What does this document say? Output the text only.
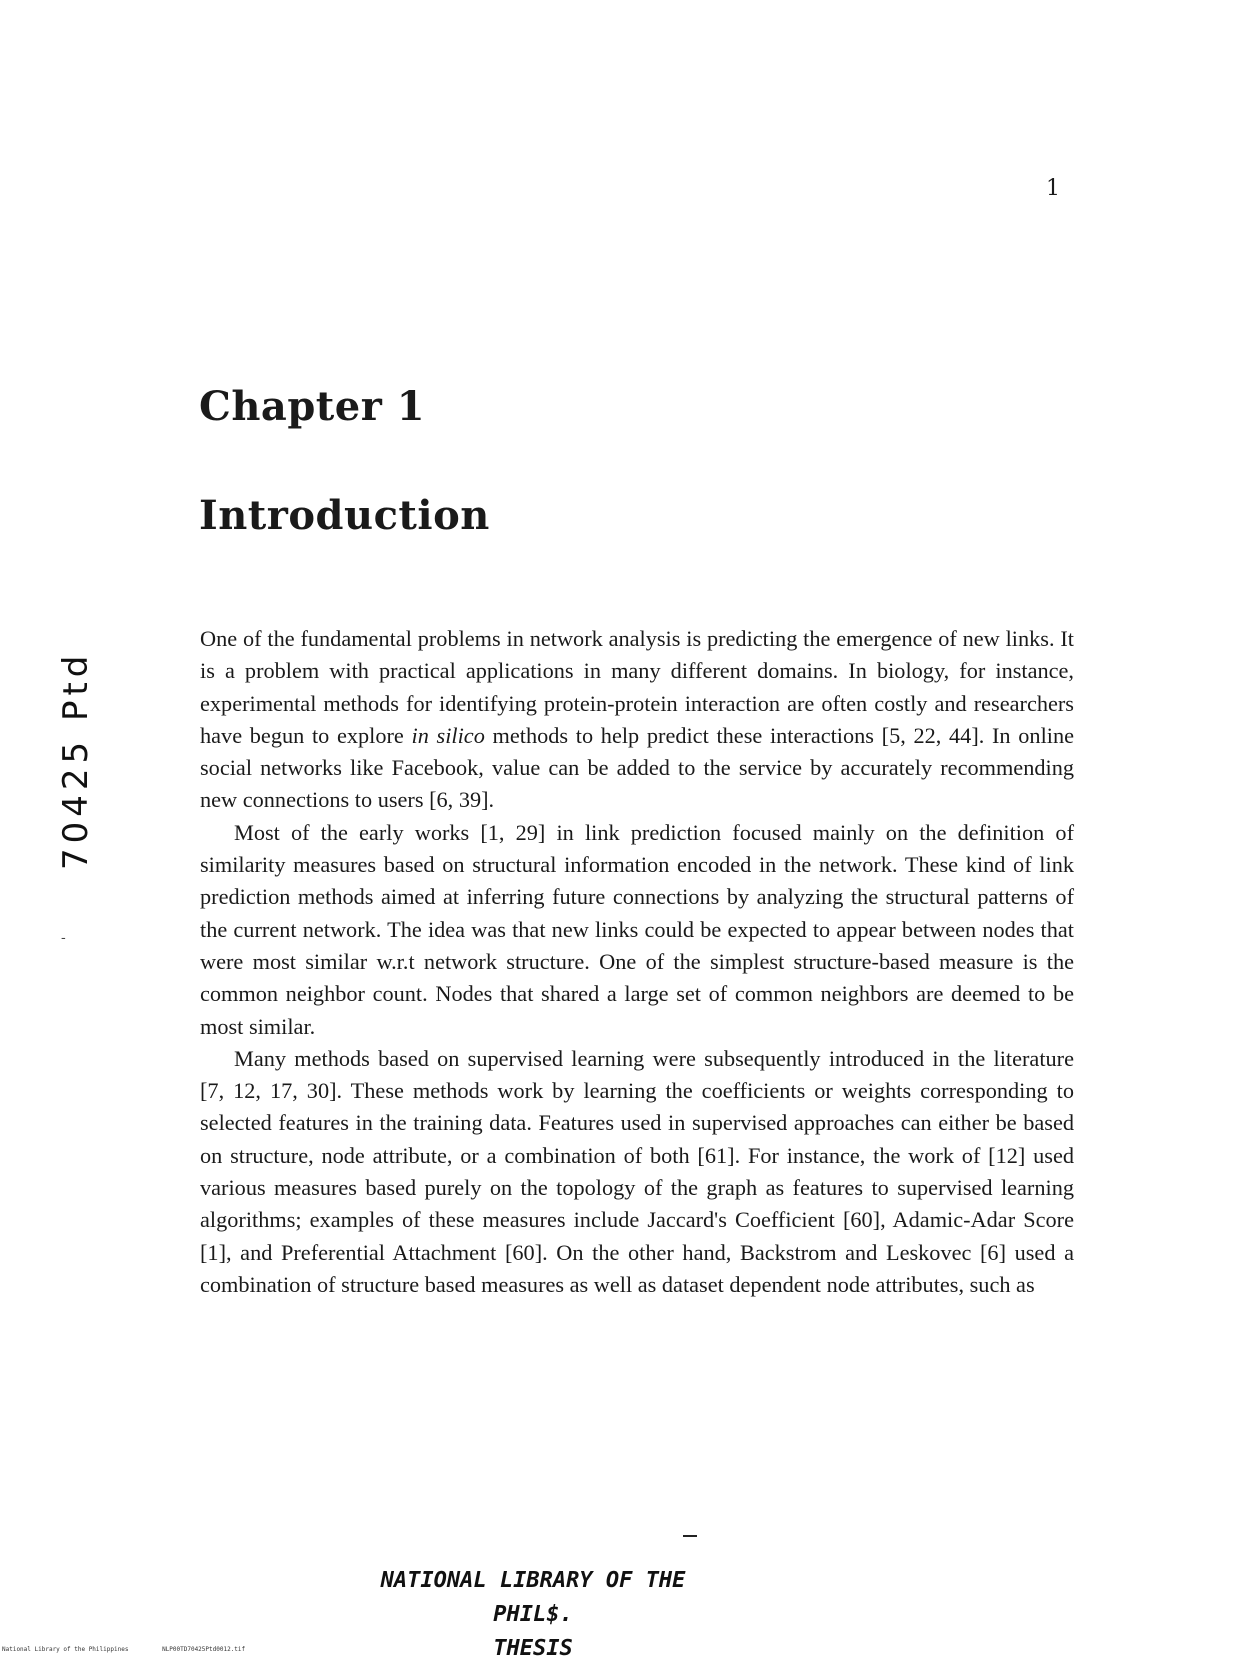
1
Chapter 1
Introduction

One of the fundamental problems in network analysis is predicting the emergence of new links. It is a problem with practical applications in many different domains. In biology, for instance, experimental methods for identifying protein-protein interaction are often costly and researchers have begun to explore in silico methods to help predict these interactions [5, 22, 44]. In online social networks like Facebook, value can be added to the service by accurately recommending new connections to users [6, 39].

Most of the early works [1, 29] in link prediction focused mainly on the definition of similarity measures based on structural information encoded in the network. These kind of link prediction methods aimed at inferring future connections by analyzing the structural patterns of the current network. The idea was that new links could be expected to appear between nodes that were most similar w.r.t network structure. One of the simplest structure-based measure is the common neighbor count. Nodes that shared a large set of common neighbors are deemed to be most similar.

Many methods based on supervised learning were subsequently introduced in the literature [7, 12, 17, 30]. These methods work by learning the coefficients or weights corresponding to selected features in the training data. Features used in supervised approaches can either be based on structure, node attribute, or a combination of both [61]. For instance, the work of [12] used various measures based purely on the topology of the graph as features to supervised learning algorithms; examples of these measures include Jaccard's Coefficient [60], Adamic-Adar Score [1], and Preferential Attachment [60]. On the other hand, Backstrom and Leskovec [6] used a combination of structure based measures as well as dataset dependent node attributes, such as

70425 Ptd
-
NATIONAL LIBRARY OF THE PHIL$.
THESIS
National Library of the Philippines	NLP00TD70425Ptd0012.tif
